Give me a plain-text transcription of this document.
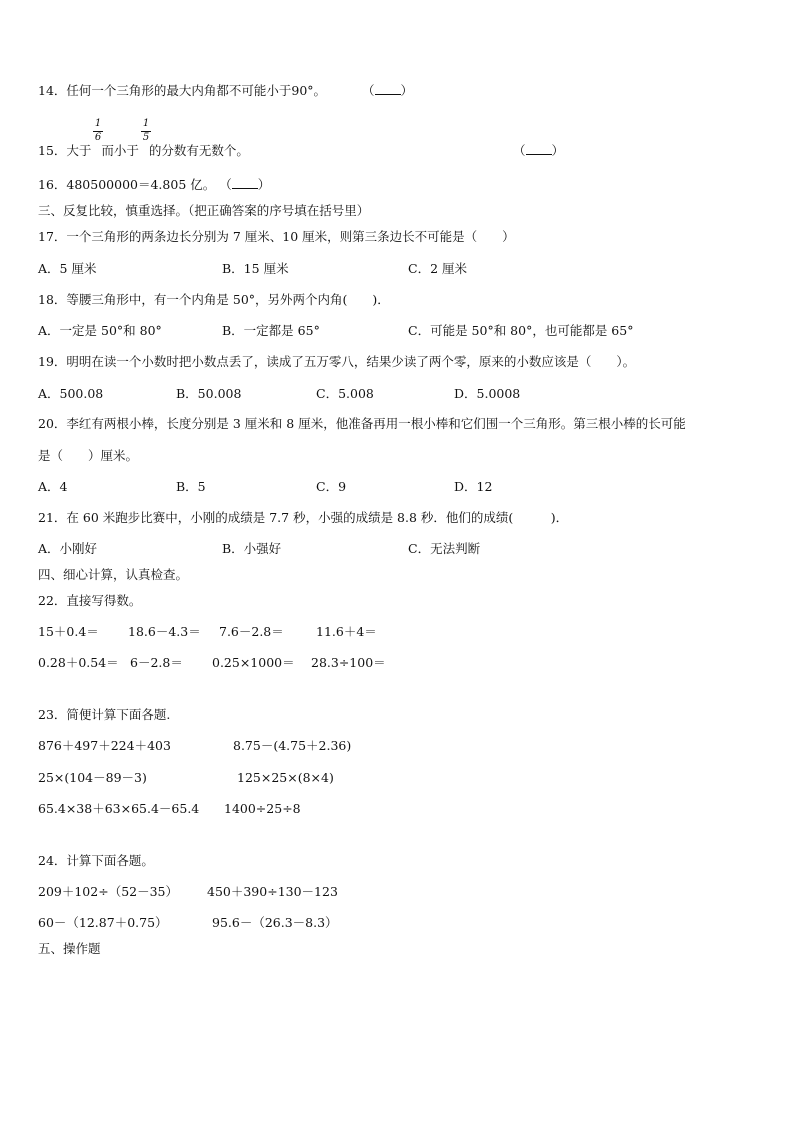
14．任何一个三角形的最大内角都不可能小于90°。	（ ）
1
6
1
5
15．大于 而小于 的分数有无数个。	（ ）
16．480500000＝4.805 亿。 （ ）
三、反复比较，慎重选择。（把正确答案的序号填在括号里）
17．一个三角形的两条边长分别为 7 厘米、10 厘米，则第三条边长不可能是（　　）
A．5 厘米	B．15 厘米	C．2 厘米
18．等腰三角形中，有一个内角是 50°，另外两个内角(　　)．
A．一定是 50°和 80°	B．一定都是 65°	C．可能是 50°和 80°，也可能都是 65°
19．明明在读一个小数时把小数点丢了，读成了五万零八，结果少读了两个零，原来的小数应该是（　　）。
A．500.08	B．50.008	C．5.008	D．5.0008
20．李红有两根小棒，长度分别是 3 厘米和 8 厘米，他准备再用一根小棒和它们围一个三角形。第三根小棒的长可能
是（　　）厘米。
A．4	B．5	C．9	D．12
21．在 60 米跑步比赛中，小刚的成绩是 7.7 秒，小强的成绩是 8.8 秒．他们的成绩(　　　)．
A．小刚好	B．小强好	C．无法判断
四、细心计算，认真检查。
22．直接写得数。
15＋0.4＝ 18.6－4.3＝ 7.6－2.8＝	11.6＋4＝
0.28＋0.54＝ 6－2.8＝ 0.25×1000＝ 28.3÷100＝
23．简便计算下面各题.
876＋497＋224＋403	8.75－(4.75＋2.36)
25×(104－89－3)	125×25×(8×4)
65.4×38＋63×65.4－65.4 1400÷25÷8
24．计算下面各题。
209＋102÷（52－35） 450＋390÷130－123
60－（12.87＋0.75）	95.6－（26.3－8.3）
五、操作题
